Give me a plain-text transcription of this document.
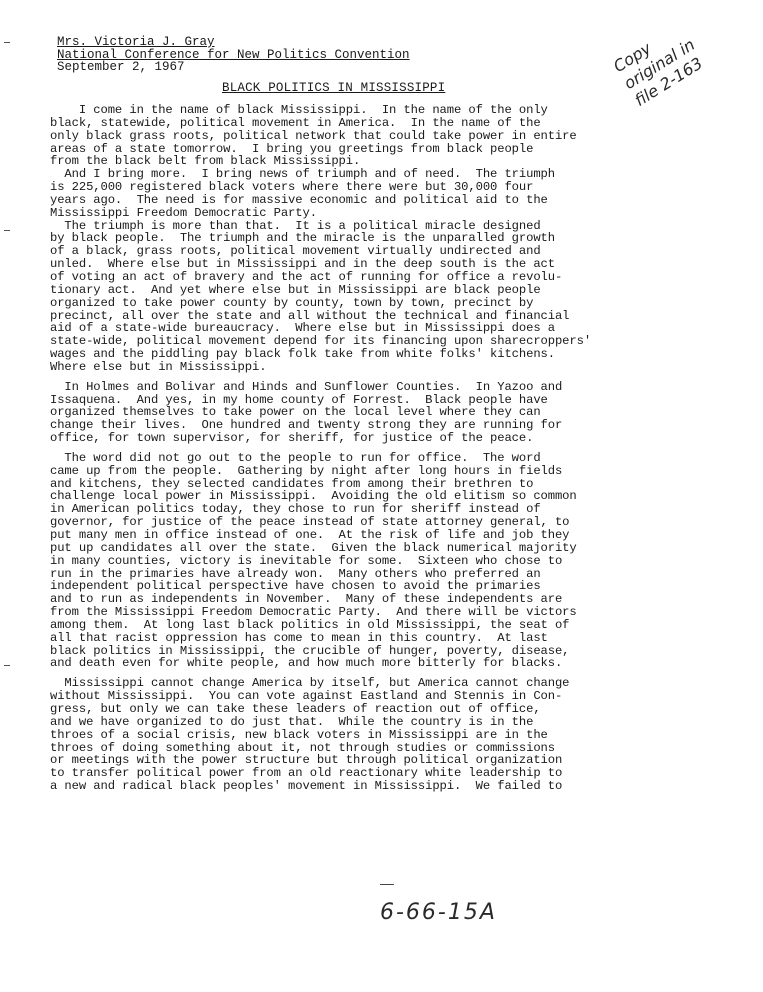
Mrs. Victoria J. Gray
National Conference for New Politics Convention
September 2, 1967
BLACK POLITICS IN MISSISSIPPI
Copy
original in
file 2-163
I come in the name of black Mississippi.  In the name of the only
black, statewide, political movement in America.  In the name of the
only black grass roots, political network that could take power in entire
areas of a state tomorrow.  I bring you greetings from black people
from the black belt from black Mississippi.
And I bring more.  I bring news of triumph and of need.  The triumph
is 225,000 registered black voters where there were but 30,000 four
years ago.  The need is for massive economic and political aid to the
Mississippi Freedom Democratic Party.
The triumph is more than that.  It is a political miracle designed
by black people.  The triumph and the miracle is the unparalled growth
of a black, grass roots, political movement virtually undirected and
unled.  Where else but in Mississippi and in the deep south is the act
of voting an act of bravery and the act of running for office a revolu-
tionary act.  And yet where else but in Mississippi are black people
organized to take power county by county, town by town, precinct by
precinct, all over the state and all without the technical and financial
aid of a state-wide bureaucracy.  Where else but in Mississippi does a
state-wide, political movement depend for its financing upon sharecroppers'
wages and the piddling pay black folk take from white folks' kitchens.
Where else but in Mississippi.
In Holmes and Bolivar and Hinds and Sunflower Counties.  In Yazoo and
Issaquena.  And yes, in my home county of Forrest.  Black people have
organized themselves to take power on the local level where they can
change their lives.  One hundred and twenty strong they are running for
office, for town supervisor, for sheriff, for justice of the peace.
The word did not go out to the people to run for office.  The word
came up from the people.  Gathering by night after long hours in fields
and kitchens, they selected candidates from among their brethren to
challenge local power in Mississippi.  Avoiding the old elitism so common
in American politics today, they chose to run for sheriff instead of
governor, for justice of the peace instead of state attorney general, to
put many men in office instead of one.  At the risk of life and job they
put up candidates all over the state.  Given the black numerical majority
in many counties, victory is inevitable for some.  Sixteen who chose to
run in the primaries have already won.  Many others who preferred an
independent political perspective have chosen to avoid the primaries
and to run as independents in November.  Many of these independents are
from the Mississippi Freedom Democratic Party.  And there will be victors
among them.  At long last black politics in old Mississippi, the seat of
all that racist oppression has come to mean in this country.  At last
black politics in Mississippi, the crucible of hunger, poverty, disease,
and death even for white people, and how much more bitterly for blacks.
Mississippi cannot change America by itself, but America cannot change
without Mississippi.  You can vote against Eastland and Stennis in Con-
gress, but only we can take these leaders of reaction out of office,
and we have organized to do just that.  While the country is in the
throes of a social crisis, new black voters in Mississippi are in the
throes of doing something about it, not through studies or commissions
or meetings with the power structure but through political organization
to transfer political power from an old reactionary white leadership to
a new and radical black peoples' movement in Mississippi.  We failed to
6-66-15A
